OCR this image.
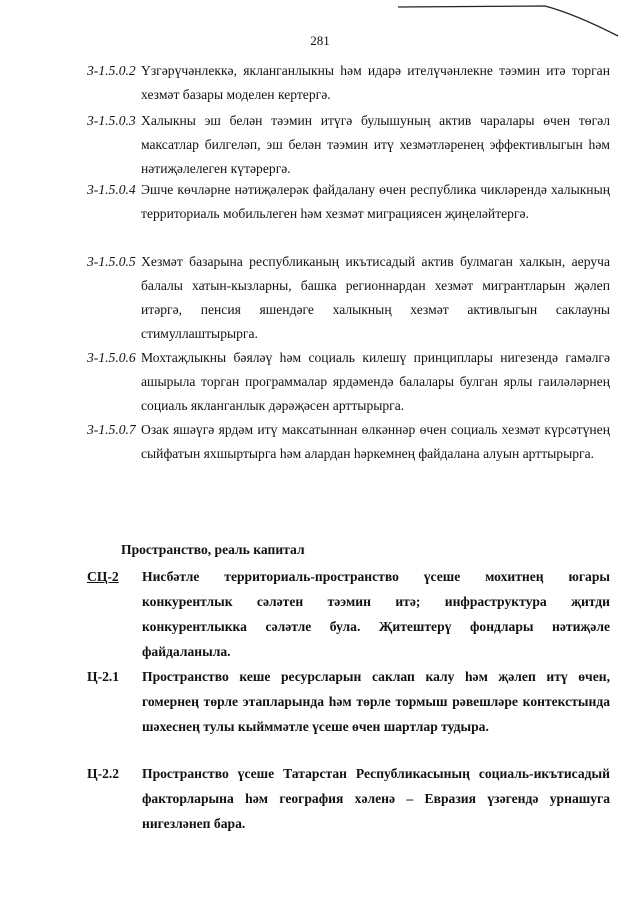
281
3-1.5.0.2 Үзгәрүчәнлеккә, якланганлыкны һәм идарә ителүчәнлекне тәэмин итә торган хезмәт базары моделен кертергә.
3-1.5.0.3 Халыкны эш белән тәэмин итүгә булышуның актив чаралары өчен төгәл максатлар билгеләп, эш белән тәэмин итү хезмәтләренең эффективлыгын һәм нәтиҗәлелеген күтәрергә.
3-1.5.0.4 Эшче көчләрне нәтиҗәлерәк файдалану өчен республика чикләрендә халыкның территориаль мобильлеген һәм хезмәт миграциясен җиңеләйтергә.
3-1.5.0.5 Хезмәт базарына республиканың икътисадый актив булмаган халкын, аеруча балалы хатын-кызларны, башка регионнардан хезмәт мигрантларын җәлеп итәргә, пенсия яшендәге халыкның хезмәт активлыгын саклауны стимуллаштырырга.
3-1.5.0.6 Мохтаҗлыкны бәяләү һәм социаль килешү принциплары нигезендә гамәлгә ашырыла торган программалар ярдәмендә балалары булган ярлы гаиләләрнең социаль якланганлык дәрәҗәсен арттырырга.
3-1.5.0.7 Озак яшәүгә ярдәм итү максатыннан өлкәннәр өчен социаль хезмәт күрсәтүнең сыйфатын яхшыртырга һәм алардан һәркемнең файдалана алуын арттырырга.
Пространство, реаль капитал
СЦ-2 Нисбәтле территориаль-пространство үсеше мохитнең югары конкурентлык сәләтен тәэмин итә; инфраструктура җитди конкурентлыкка сәләтле була. Җитештерү фондлары нәтиҗәле файдаланыла.
Ц-2.1 Пространство кеше ресурсларын саклап калу һәм җәлеп итү өчен, гомернең төрле этапларында һәм төрле тормыш рәвешләре контекстында шәхеснең тулы кыйммәтле үсеше өчен шартлар тудыра.
Ц-2.2 Пространство үсеше Татарстан Республикасының социаль-икътисадый факторларына һәм география хәленә – Евразия үзәгендә урнашуга нигезләнеп бара.
